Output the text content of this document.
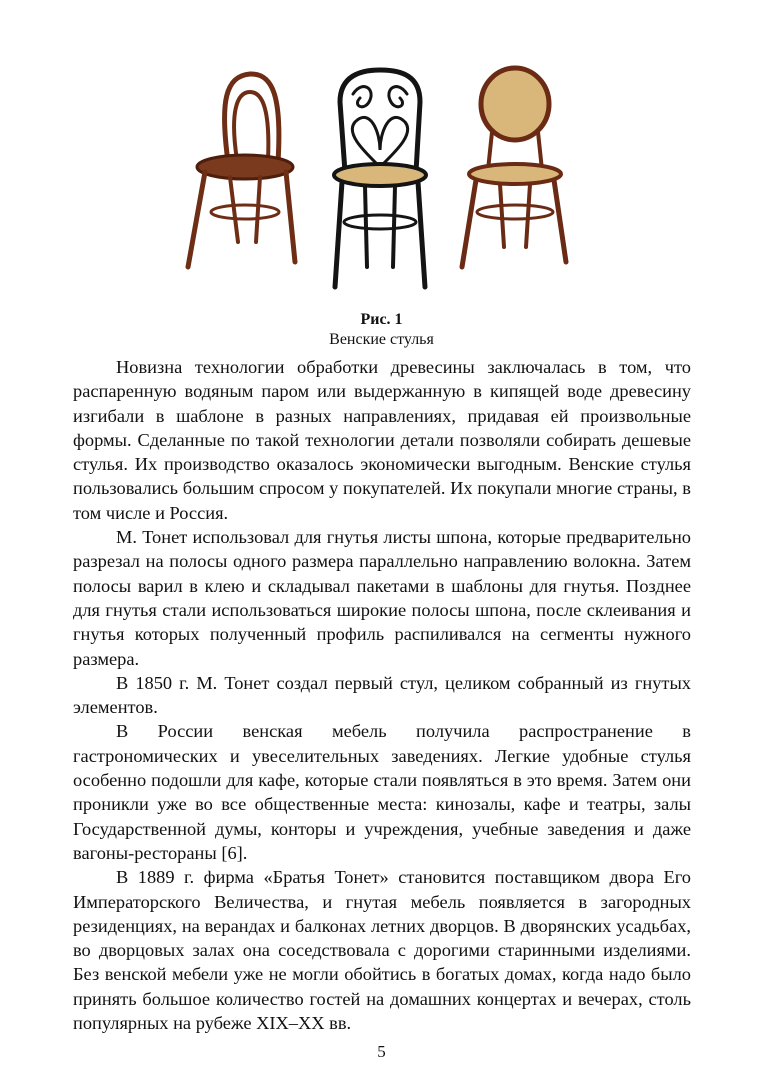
Рис. 1
Венские стулья

Новизна технологии обработки древесины заключалась в том, что распаренную водяным паром или выдержанную в кипящей воде древесину изгибали в шаблоне в разных направлениях, придавая ей произвольные формы. Сделанные по такой технологии детали позволяли собирать дешевые стулья. Их производство оказалось экономически выгодным. Венские стулья пользовались большим спросом у покупателей. Их покупали многие страны, в том числе и Россия.

М. Тонет использовал для гнутья листы шпона, которые предварительно разрезал на полосы одного размера параллельно направлению волокна. Затем полосы варил в клею и складывал пакетами в шаблоны для гнутья. Позднее для гнутья стали использоваться широкие полосы шпона, после склеивания и гнутья которых полученный профиль распиливался на сегменты нужного размера.

В 1850 г. М. Тонет создал первый стул, целиком собранный из гнутых элементов.

В России венская мебель получила распространение в гастрономических и увеселительных заведениях. Легкие удобные стулья особенно подошли для кафе, которые стали появляться в это время. Затем они проникли уже во все общественные места: кинозалы, кафе и театры, залы Государственной думы, конторы и учреждения, учебные заведения и даже вагоны-рестораны [6].

В 1889 г. фирма «Братья Тонет» становится поставщиком двора Его Императорского Величества, и гнутая мебель появляется в загородных резиденциях, на верандах и балконах летних дворцов. В дворянских усадьбах, во дворцовых залах она соседствовала с дорогими старинными изделиями. Без венской мебели уже не могли обойтись в богатых домах, когда надо было принять большое количество гостей на домашних концертах и вечерах, столь популярных на рубеже XIX–XX вв.

5
